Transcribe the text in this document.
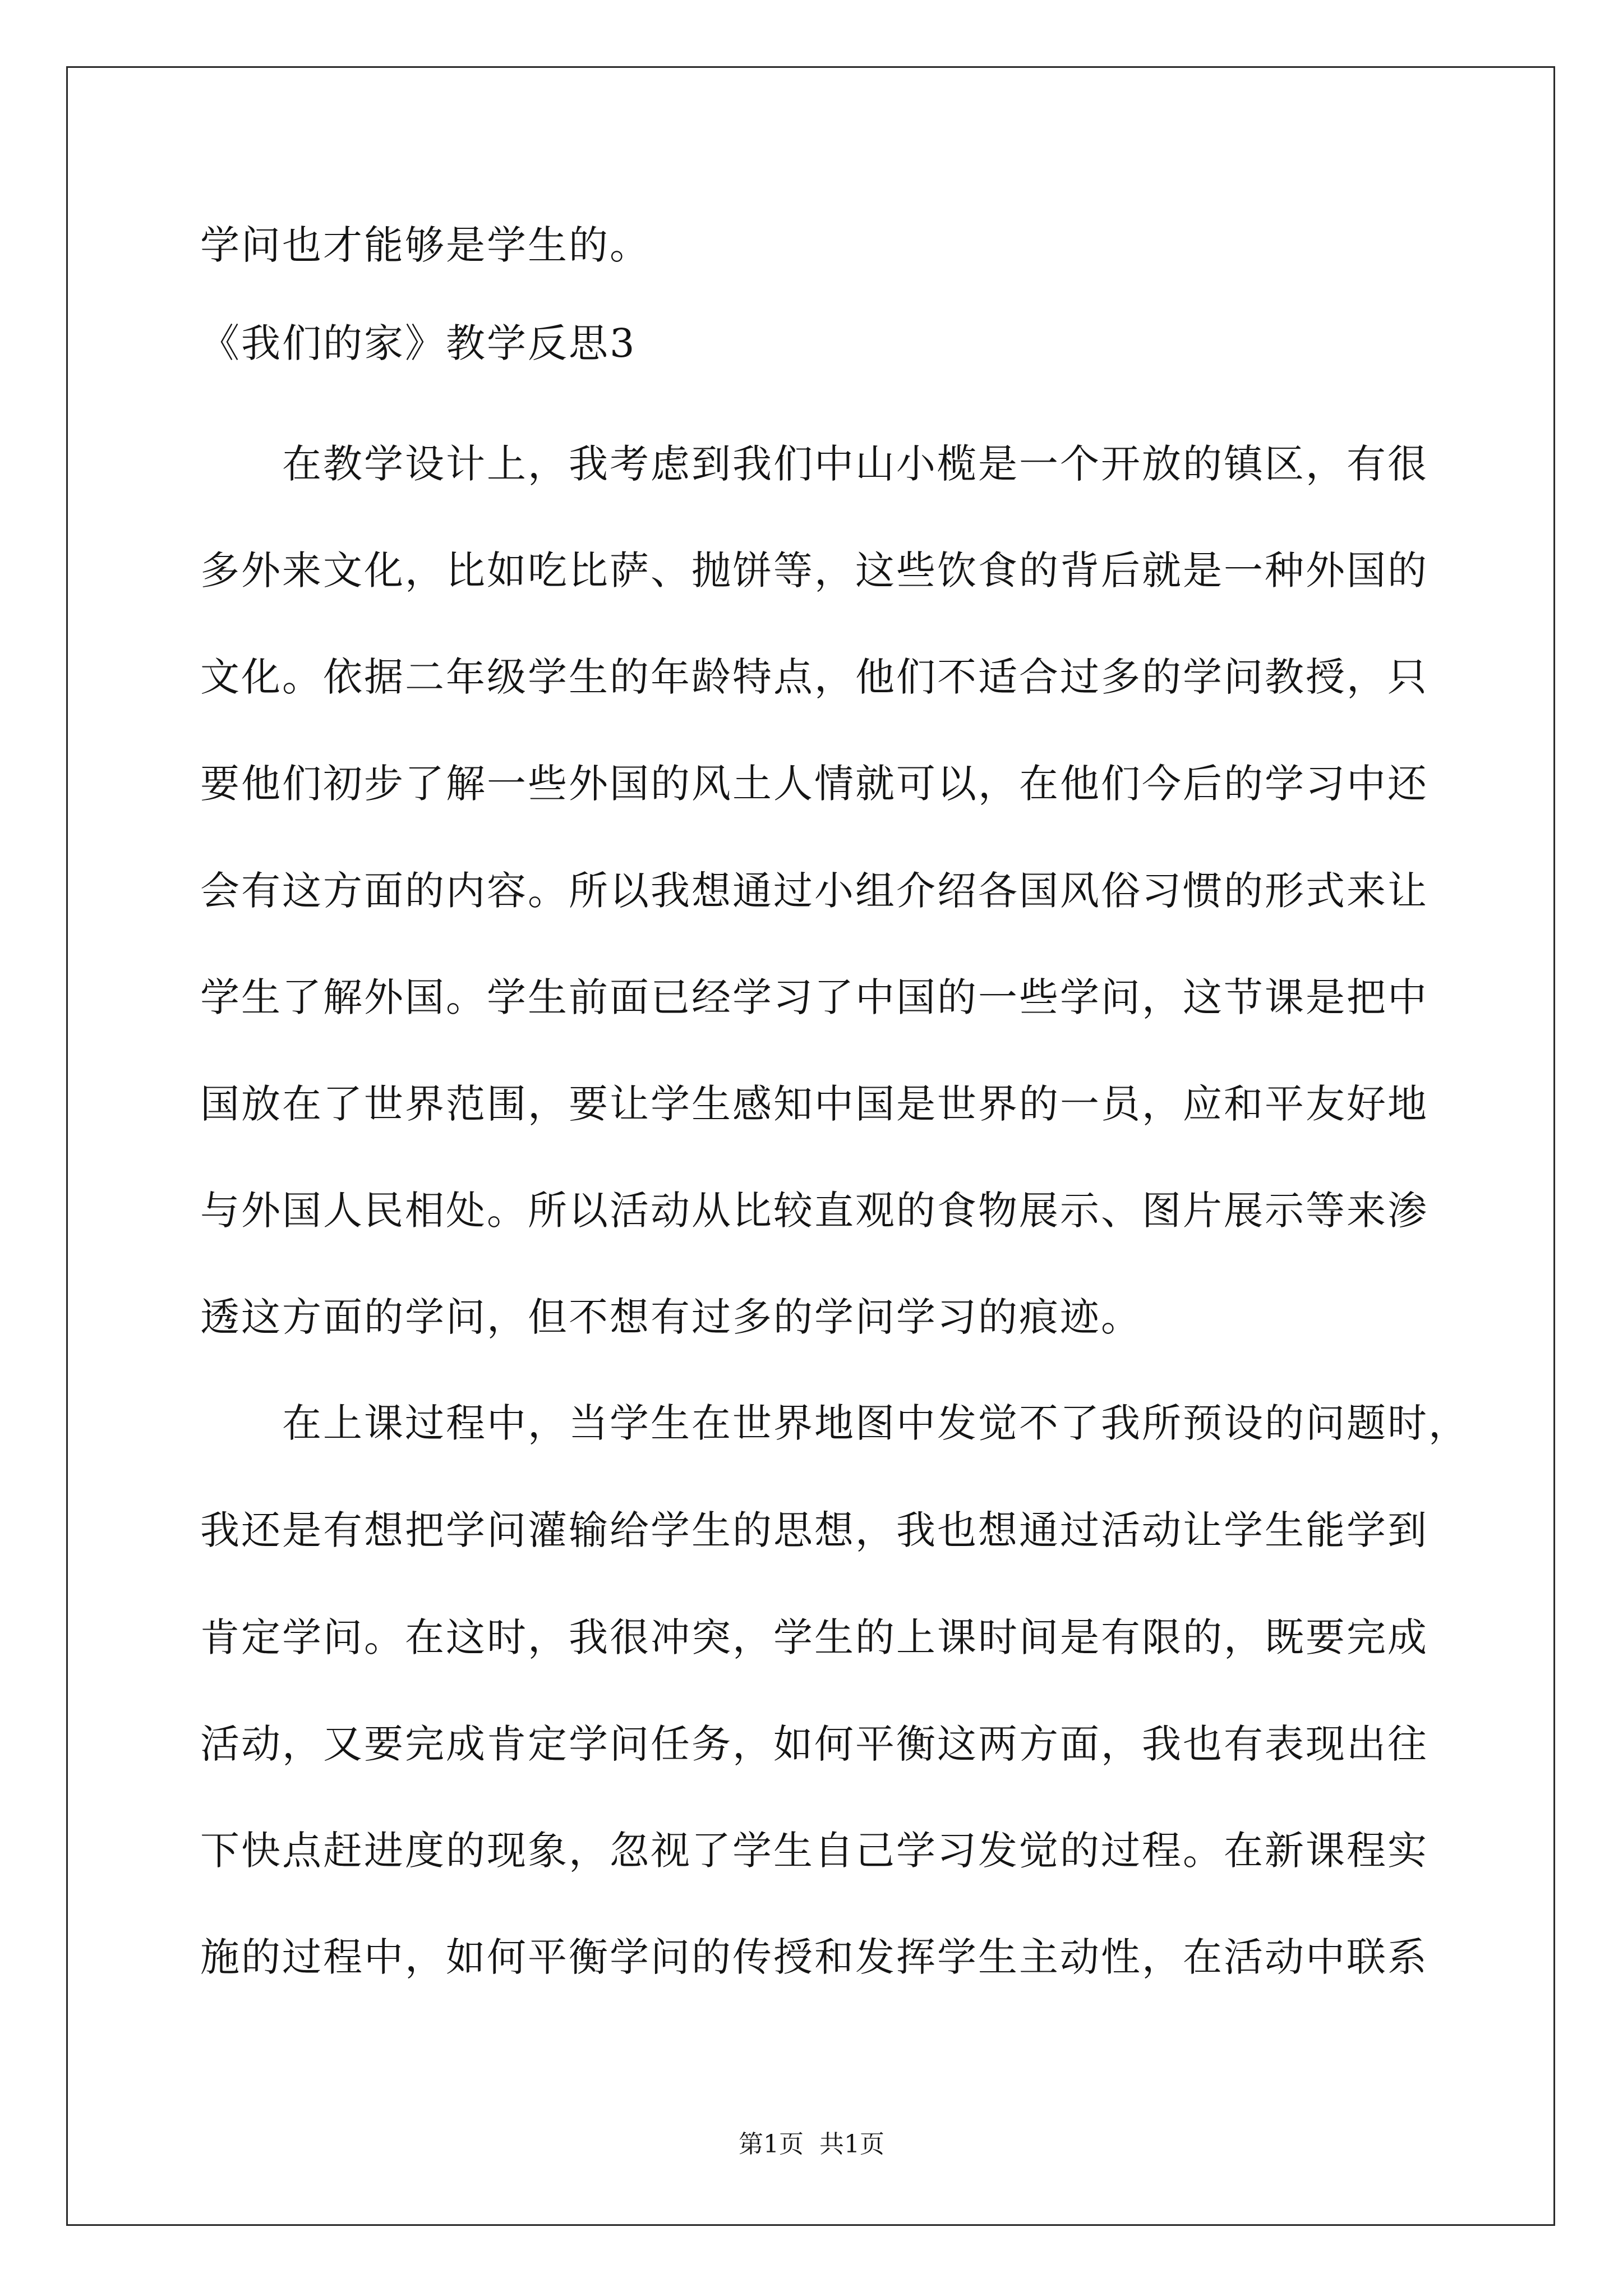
学问也才能够是学生的。
《我们的家》教学反思3
　　在教学设计上，我考虑到我们中山小榄是一个开放的镇区，有很
多外来文化，比如吃比萨、抛饼等，这些饮食的背后就是一种外国的
文化。依据二年级学生的年龄特点，他们不适合过多的学问教授，只
要他们初步了解一些外国的风土人情就可以，在他们今后的学习中还
会有这方面的内容。所以我想通过小组介绍各国风俗习惯的形式来让
学生了解外国。学生前面已经学习了中国的一些学问，这节课是把中
国放在了世界范围，要让学生感知中国是世界的一员，应和平友好地
与外国人民相处。所以活动从比较直观的食物展示、图片展示等来渗
透这方面的学问，但不想有过多的学问学习的痕迹。
　　在上课过程中，当学生在世界地图中发觉不了我所预设的问题时，
我还是有想把学问灌输给学生的思想，我也想通过活动让学生能学到
肯定学问。在这时，我很冲突，学生的上课时间是有限的，既要完成
活动，又要完成肯定学问任务，如何平衡这两方面，我也有表现出往
下快点赶进度的现象，忽视了学生自己学习发觉的过程。在新课程实
施的过程中，如何平衡学问的传授和发挥学生主动性，在活动中联系
第1页  共1页
